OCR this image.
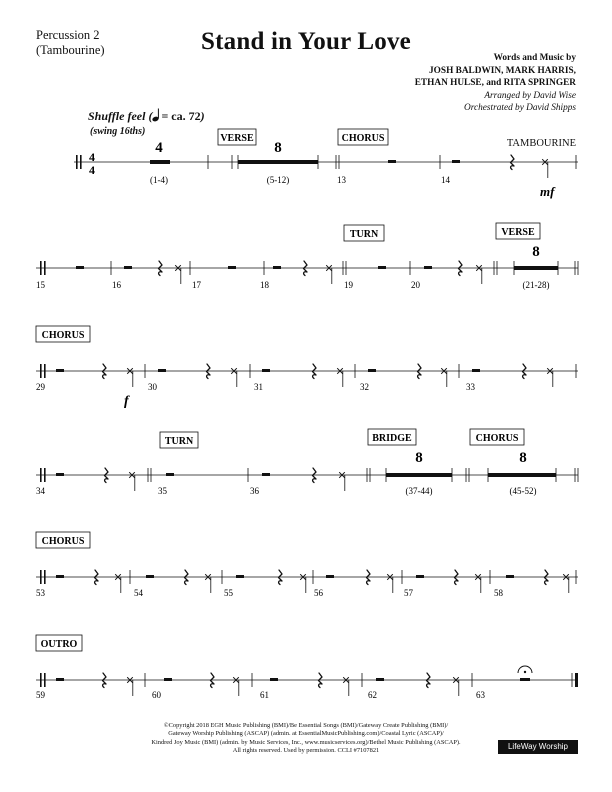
Percussion 2
(Tambourine)	Stand in Your Love
Words and Music by
JOSH BALDWIN, MARK HARRIS,
ETHAN HULSE, and RITA SPRINGER
Arranged by David Wise
Orchestrated by David Shipps
Shuffle feel ( = ca. 72)
(swing 16ths)
TAMBOURINE
4
4
4
(1-4)
VERSE
8
(5-12)
CHORUS
13	14
mf
TURN	VERSE
8
(21-28)
15	16	17	18	19	20
CHORUS
29	30	31	32	33
f
TURN	BRIDGE
8
(37-44)
CHORUS
8
(45-52)
34	35	36
CHORUS
53	54	55	56	57	58
OUTRO
59	60	61	62	63
©Copyright 2018 EGH Music Publishing (BMI)/Be Essential Songs (BMI)/Gateway Create Publishing (BMI)/
Gateway Worship Publishing (ASCAP) (admin. at EssentialMusicPublishing.com)/Coastal Lyric (ASCAP)/
Kindred Joy Music (BMI) (admin. by Music Services, Inc., www.musicservices.org)/Bethel Music Publishing (ASCAP).
All rights reserved. Used by permission. CCLI #7107821	LifeWay Worship
